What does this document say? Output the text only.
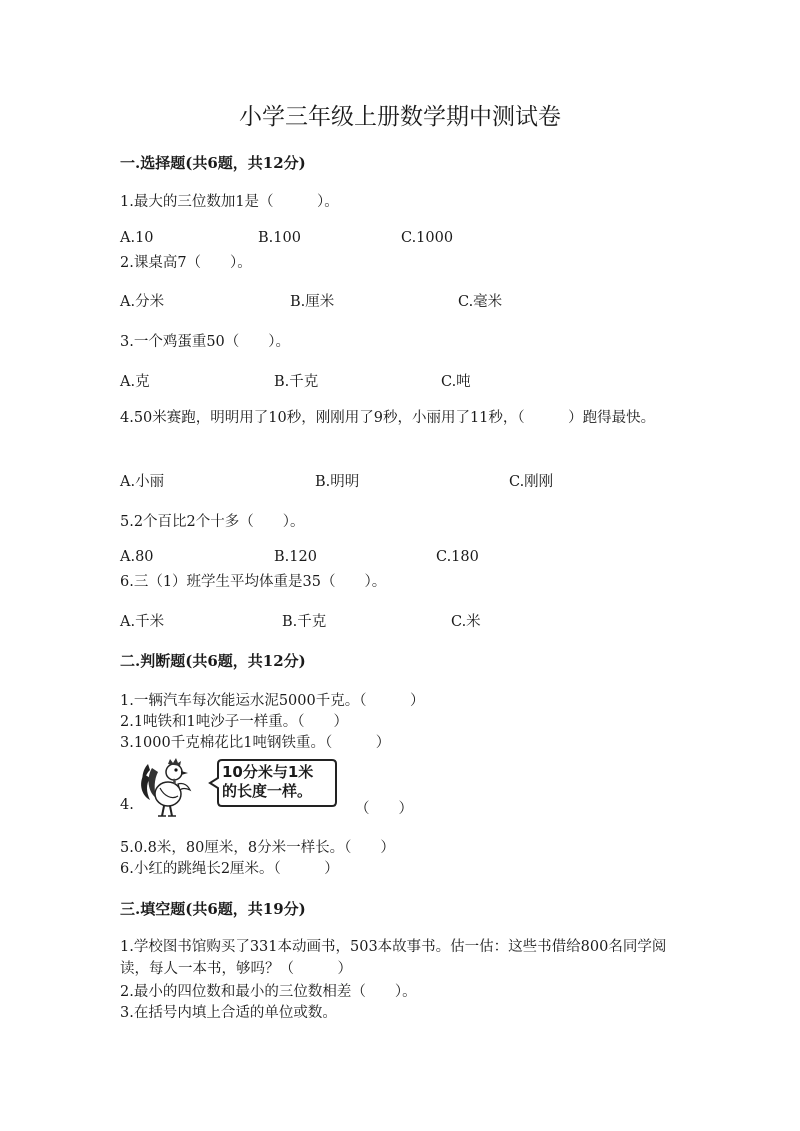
小学三年级上册数学期中测试卷
一.选择题(共6题，共12分)
1.最大的三位数加1是（　　　）。
A.10	B.100	C.1000
2.课桌高7（　　）。
A.分米	B.厘米	C.毫米
3.一个鸡蛋重50（　　）。
A.克	B.千克	C.吨
4.50米赛跑，明明用了10秒，刚刚用了9秒，小丽用了11秒，（　　　）跑得最快。
A.小丽	B.明明	C.刚刚
5.2个百比2个十多（　　）。
A.80	B.120	C.180
6.三（1）班学生平均体重是35（　　）。
A.千米	B.千克	C.米
二.判断题(共6题，共12分)
1.一辆汽车每次能运水泥5000千克。（　　　）
2.1吨铁和1吨沙子一样重。（　　）
3.1000千克棉花比1吨钢铁重。（　　　）
10分米与1米
的长度一样。
4.	（　　）
5.0.8米，80厘米，8分米一样长。（　　）
6.小红的跳绳长2厘米。（　　　）
三.填空题(共6题，共19分)
1.学校图书馆购买了331本动画书，503本故事书。估一估：这些书借给800名同学阅读，每人一本书，够吗？（　　　）
2.最小的四位数和最小的三位数相差（　　）。
3.在括号内填上合适的单位或数。
